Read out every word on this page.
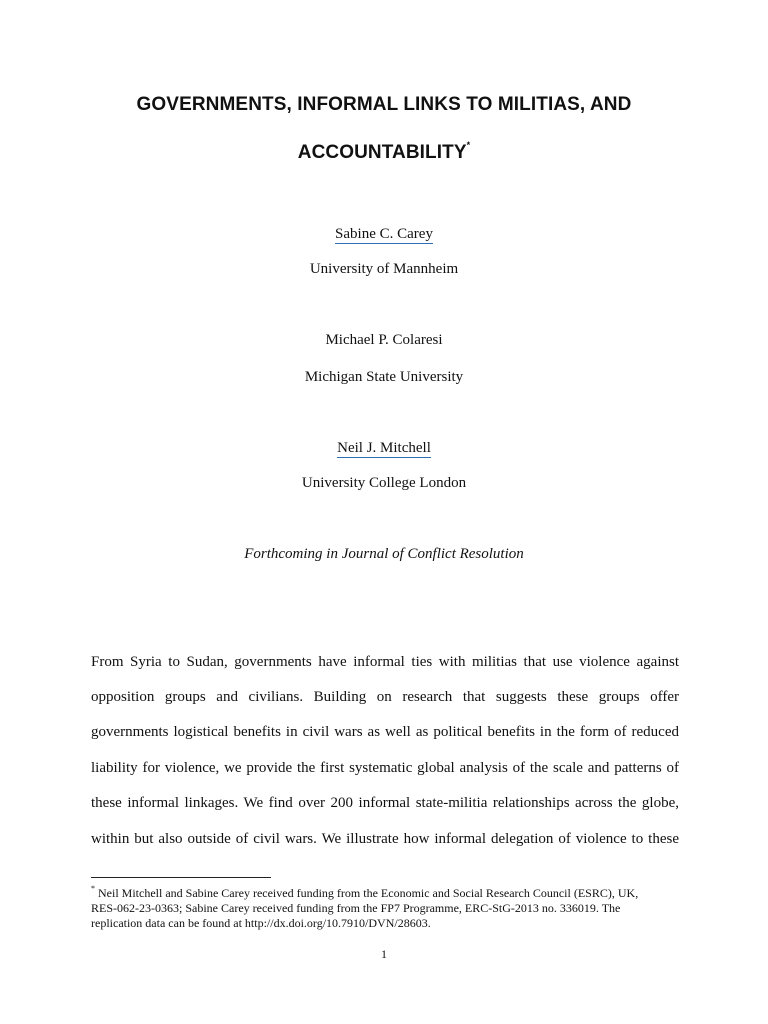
GOVERNMENTS, INFORMAL LINKS TO MILITIAS, AND
ACCOUNTABILITY*
Sabine C. Carey
University of Mannheim
Michael P. Colaresi
Michigan State University
Neil J. Mitchell
University College London
Forthcoming in Journal of Conflict Resolution
From Syria to Sudan, governments have informal ties with militias that use violence against
opposition groups and civilians. Building on research that suggests these groups offer
governments logistical benefits in civil wars as well as political benefits in the form of reduced
liability for violence, we provide the first systematic global analysis of the scale and patterns of
these informal linkages. We find over 200 informal state-militia relationships across the globe,
within but also outside of civil wars. We illustrate how informal delegation of violence to these
* Neil Mitchell and Sabine Carey received funding from the Economic and Social Research Council (ESRC), UK,
RES-062-23-0363; Sabine Carey received funding from the FP7 Programme, ERC-StG-2013 no. 336019. The
replication data can be found at http://dx.doi.org/10.7910/DVN/28603.
1
